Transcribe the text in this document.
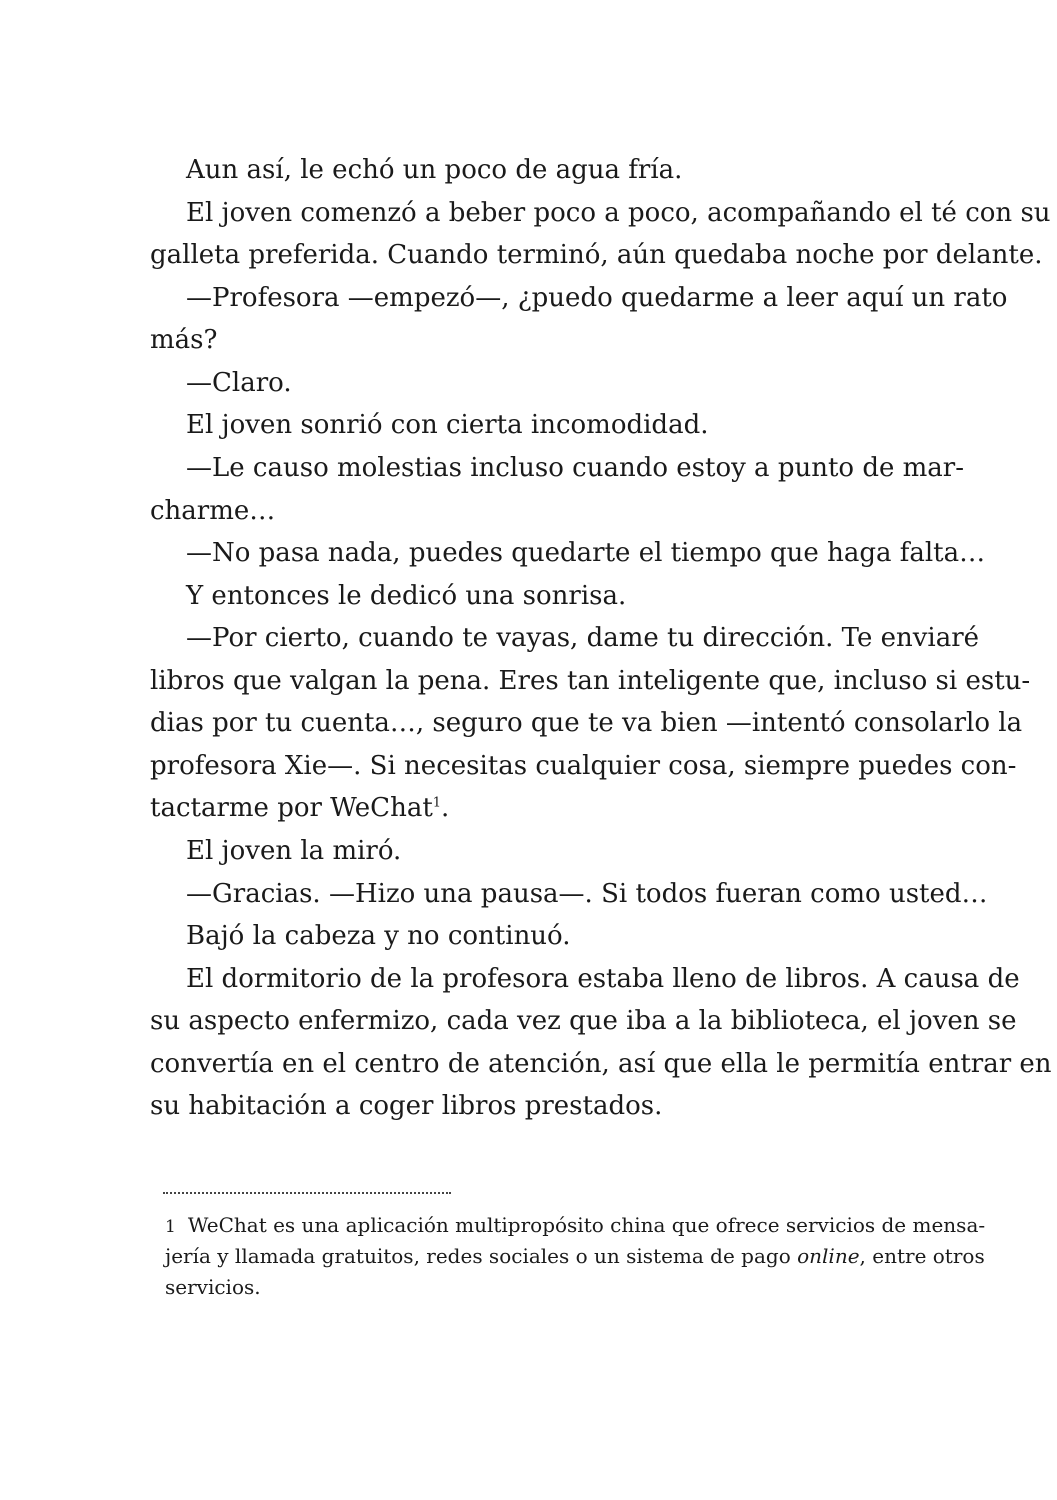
Aun así, le echó un poco de agua fría.
El joven comenzó a beber poco a poco, acompañando el té con su
galleta preferida. Cuando terminó, aún quedaba noche por delante.
—Profesora —empezó—, ¿puedo quedarme a leer aquí un rato
más?
—Claro.
El joven sonrió con cierta incomodidad.
—Le causo molestias incluso cuando estoy a punto de mar-
charme…
—No pasa nada, puedes quedarte el tiempo que haga falta…
Y entonces le dedicó una sonrisa.
—Por cierto, cuando te vayas, dame tu dirección. Te enviaré
libros que valgan la pena. Eres tan inteligente que, incluso si estu-
dias por tu cuenta…, seguro que te va bien —intentó consolarlo la
profesora Xie—. Si necesitas cualquier cosa, siempre puedes con-
tactarme por WeChat$^1$.
El joven la miró.
—Gracias. —Hizo una pausa—. Si todos fueran como usted…
Bajó la cabeza y no continuó.
El dormitorio de la profesora estaba lleno de libros. A causa de
su aspecto enfermizo, cada vez que iba a la biblioteca, el joven se
convertía en el centro de atención, así que ella le permitía entrar en
su habitación a coger libros prestados.
1 WeChat es una aplicación multipropósito china que ofrece servicios de mensa-
jería y llamada gratuitos, redes sociales o un sistema de pago online, entre otros
servicios.
